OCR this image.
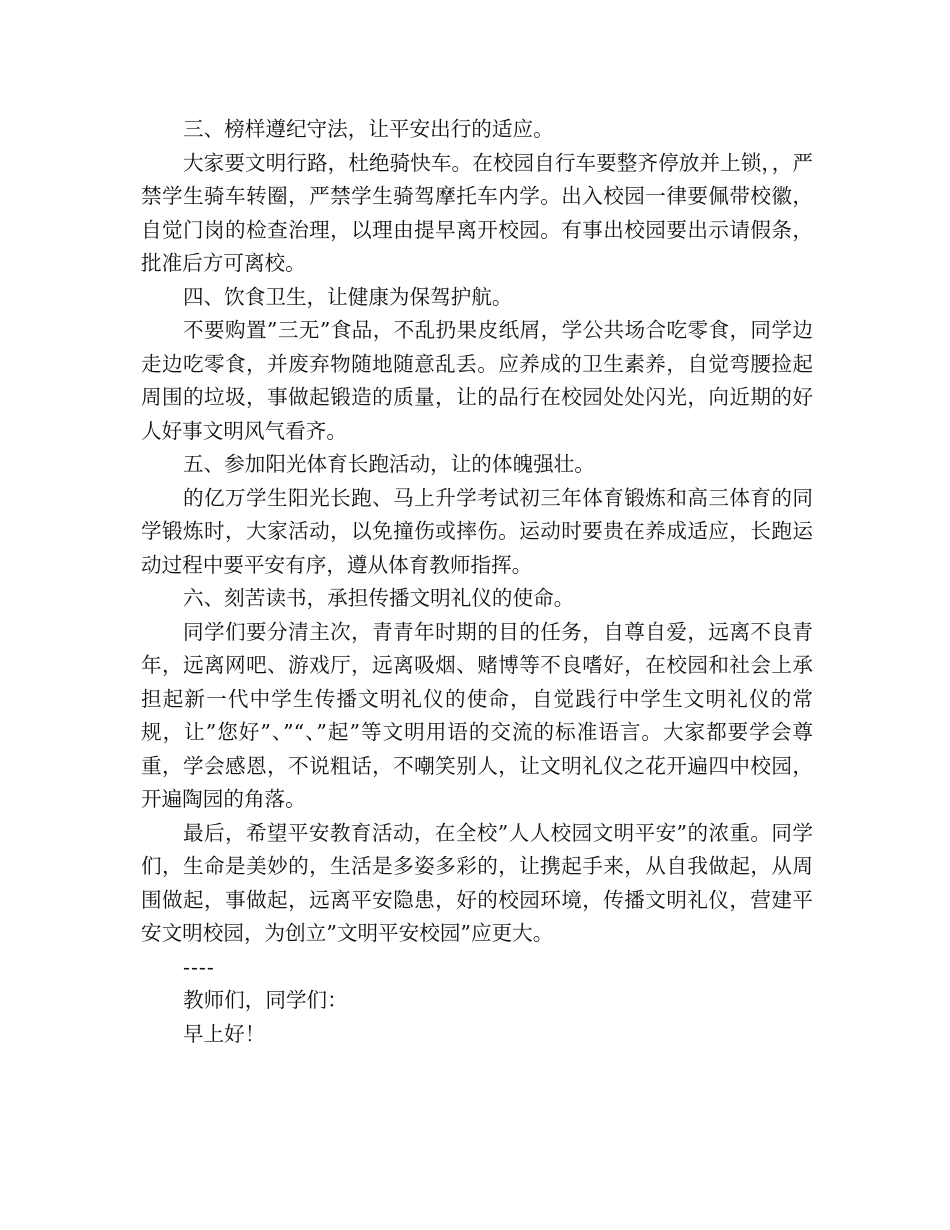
三、榜样遵纪守法，让平安出行的适应。

大家要文明行路，杜绝骑快车。在校园自行车要整齐停放并上锁，，严禁学生骑车转圈，严禁学生骑驾摩托车内学。出入校园一律要佩带校徽，自觉门岗的检查治理，以理由提早离开校园。有事出校园要出示请假条，批准后方可离校。

四、饮食卫生，让健康为保驾护航。

不要购置”三无”食品，不乱扔果皮纸屑，学公共场合吃零食，同学边走边吃零食，并废弃物随地随意乱丢。应养成的卫生素养，自觉弯腰捡起周围的垃圾，事做起锻造的质量，让的品行在校园处处闪光，向近期的好人好事文明风气看齐。

五、参加阳光体育长跑活动，让的体魄强壮。

的亿万学生阳光长跑、马上升学考试初三年体育锻炼和高三体育的同学锻炼时，大家活动，以免撞伤或摔伤。运动时要贵在养成适应，长跑运动过程中要平安有序，遵从体育教师指挥。

六、刻苦读书，承担传播文明礼仪的使命。

同学们要分清主次，青青年时期的目的任务，自尊自爱，远离不良青年，远离网吧、游戏厅，远离吸烟、赌博等不良嗜好，在校园和社会上承担起新一代中学生传播文明礼仪的使命，自觉践行中学生文明礼仪的常规，让”您好”、”“、”起”等文明用语的交流的标准语言。大家都要学会尊重，学会感恩，不说粗话，不嘲笑别人，让文明礼仪之花开遍四中校园，开遍陶园的角落。

最后，希望平安教育活动，在全校”人人校园文明平安”的浓重。同学们，生命是美妙的，生活是多姿多彩的，让携起手来，从自我做起，从周围做起，事做起，远离平安隐患，好的校园环境，传播文明礼仪，营建平安文明校园，为创立”文明平安校园”应更大。

----

教师们，同学们：

早上好！
